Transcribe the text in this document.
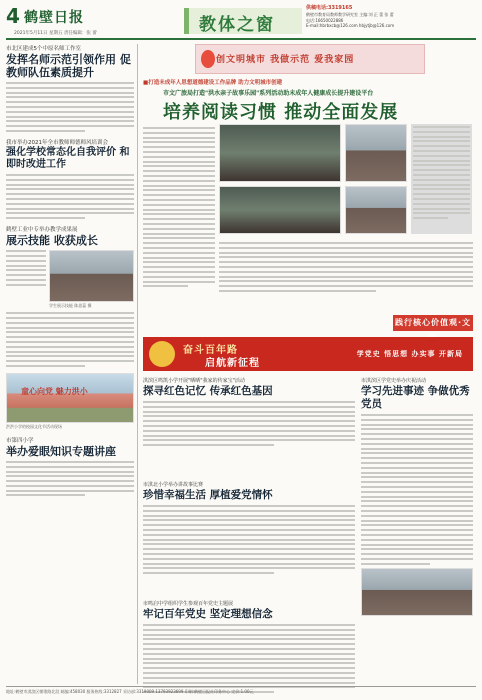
4 鹤壁日报
2021年5月11日 星期五 责任编辑：张 蕾	教体之窗
供稿电话:3319165
鹤壁市教育局教师教学研究室 主编:刘 正 蕾 张 蕾
电话:16650022886
E-mail:hbrbxcb@126.com hbjytjb@126.com
市北区建成5个中原名师工作室
发挥名师示范引领作用 促教师队伍素质提升
我市举办2021年全市教师师德师风培训会
强化学校常态化自我评价 和即时改进工作
鹤壁工业中专举办教学成果展
展示技能 收获成长
学生展示技能 陈思蕊 摄
童心向党 魅力洪小
洪洪小学的校园文化节活动现场
市第四小学
举办爱眼知识专题讲座
创文明城市 我做示范 爱我家园
■打造未成年人思想道德建设工作品牌 助力文明城市创建
市文广旅局打造"洪水亲子故事乐园"系列活动助未成年人健康成长提升建设平台
培养阅读习惯 推动全面发展
践行核心价值观·文
奋斗百年路
启航新征程
学党史 悟思想 办实事 开新局
淇滨区鸣凯小学开展"晒晒"我家的传家宝"活动
探寻红色记忆 传承红色基因
市淇滨区学党史举办庆祝活动
学习先进事迹 争做优秀党员
市淇北小学举办讲故事比赛
珍惜幸福生活 厚植爱党情怀
市鸣启中学组织学生参观百年党史主题展
牢记百年党史 坚定理想信念
地址:鹤壁市淇滨区朝歌路北段 邮编:458030 服务热线:3312827 采访部:3319009 13793923699 印刷:鹤壁日报社印务中心 定价:1.00元
